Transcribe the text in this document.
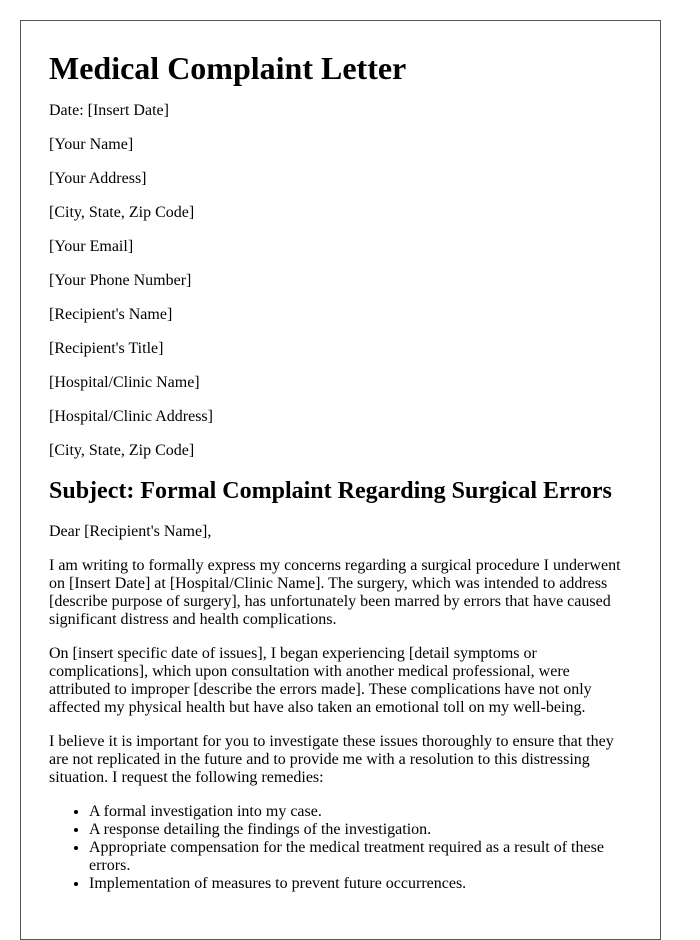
Medical Complaint Letter

Date: [Insert Date]

[Your Name]

[Your Address]

[City, State, Zip Code]

[Your Email]

[Your Phone Number]

[Recipient's Name]

[Recipient's Title]

[Hospital/Clinic Name]

[Hospital/Clinic Address]

[City, State, Zip Code]

Subject: Formal Complaint Regarding Surgical Errors

Dear [Recipient's Name],

I am writing to formally express my concerns regarding a surgical procedure I underwent on [Insert Date] at [Hospital/Clinic Name]. The surgery, which was intended to address [describe purpose of surgery], has unfortunately been marred by errors that have caused significant distress and health complications.

On [insert specific date of issues], I began experiencing [detail symptoms or complications], which upon consultation with another medical professional, were attributed to improper [describe the errors made]. These complications have not only affected my physical health but have also taken an emotional toll on my well-being.

I believe it is important for you to investigate these issues thoroughly to ensure that they are not replicated in the future and to provide me with a resolution to this distressing situation. I request the following remedies:

• A formal investigation into my case.
• A response detailing the findings of the investigation.
• Appropriate compensation for the medical treatment required as a result of these errors.
• Implementation of measures to prevent future occurrences.
